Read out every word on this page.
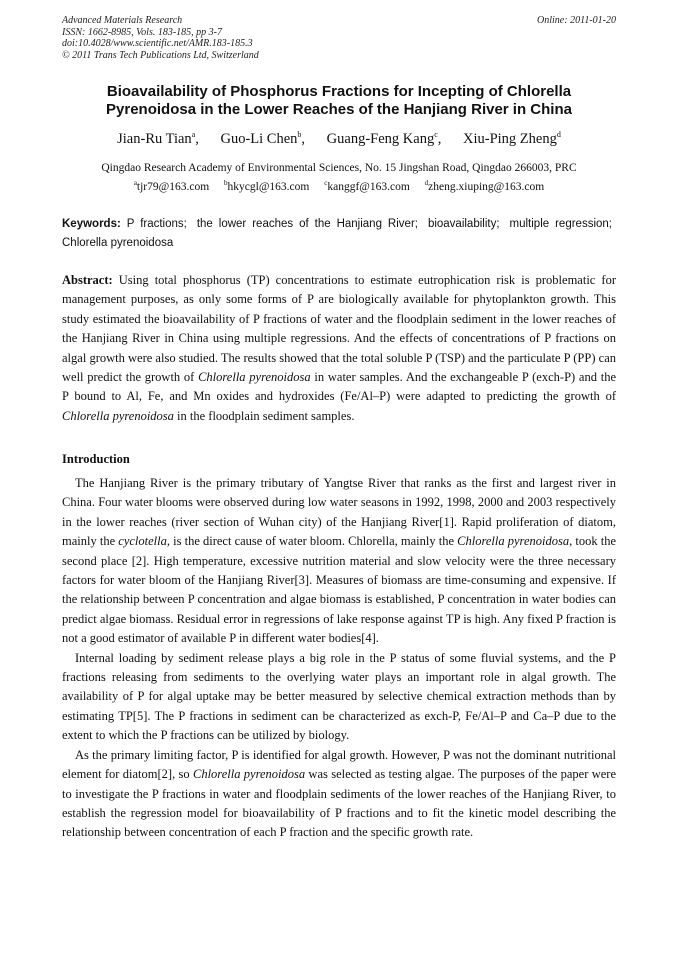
Advanced Materials Research
ISSN: 1662-8985, Vols. 183-185, pp 3-7
doi:10.4028/www.scientific.net/AMR.183-185.3
© 2011 Trans Tech Publications Ltd, Switzerland
Online: 2011-01-20
Bioavailability of Phosphorus Fractions for Incepting of Chlorella
Pyrenoidosa in the Lower Reaches of the Hanjiang River in China
Jian-Ru Tian$^a$, Guo-Li Chen$^b$, Guang-Feng Kang$^c$, Xiu-Ping Zheng$^d$
Qingdao Research Academy of Environmental Sciences, No. 15 Jingshan Road, Qingdao 266003, PRC
$^a$tjr79@163.com $^b$hkycgl@163.com $^c$kanggf@163.com $^d$zheng.xiuping@163.com
Keywords: P fractions; the lower reaches of the Hanjiang River; bioavailability; multiple regression; Chlorella pyrenoidosa
Abstract: Using total phosphorus (TP) concentrations to estimate eutrophication risk is problematic for management purposes, as only some forms of P are biologically available for phytoplankton growth. This study estimated the bioavailability of P fractions of water and the floodplain sediment in the lower reaches of the Hanjiang River in China using multiple regressions. And the effects of concentrations of P fractions on algal growth were also studied. The results showed that the total soluble P (TSP) and the particulate P (PP) can well predict the growth of Chlorella pyrenoidosa in water samples. And the exchangeable P (exch-P) and the P bound to Al, Fe, and Mn oxides and hydroxides (Fe/Al–P) were adapted to predicting the growth of Chlorella pyrenoidosa in the floodplain sediment samples.
Introduction

The Hanjiang River is the primary tributary of Yangtse River that ranks as the first and largest river in China. Four water blooms were observed during low water seasons in 1992, 1998, 2000 and 2003 respectively in the lower reaches (river section of Wuhan city) of the Hanjiang River[1]. Rapid proliferation of diatom, mainly the cyclotella, is the direct cause of water bloom. Chlorella, mainly the Chlorella pyrenoidosa, took the second place [2]. High temperature, excessive nutrition material and slow velocity were the three necessary factors for water bloom of the Hanjiang River[3]. Measures of biomass are time-consuming and expensive. If the relationship between P concentration and algae biomass is established, P concentration in water bodies can predict algae biomass. Residual error in regressions of lake response against TP is high. Any fixed P fraction is not a good estimator of available P in different water bodies[4].

Internal loading by sediment release plays a big role in the P status of some fluvial systems, and the P fractions releasing from sediments to the overlying water plays an important role in algal growth. The availability of P for algal uptake may be better measured by selective chemical extraction methods than by estimating TP[5]. The P fractions in sediment can be characterized as exch-P, Fe/Al–P and Ca–P due to the extent to which the P fractions can be utilized by biology.

As the primary limiting factor, P is identified for algal growth. However, P was not the dominant nutritional element for diatom[2], so Chlorella pyrenoidosa was selected as testing algae. The purposes of the paper were to investigate the P fractions in water and floodplain sediments of the lower reaches of the Hanjiang River, to establish the regression model for bioavailability of P fractions and to fit the kinetic model describing the relationship between concentration of each P fraction and the specific growth rate.
